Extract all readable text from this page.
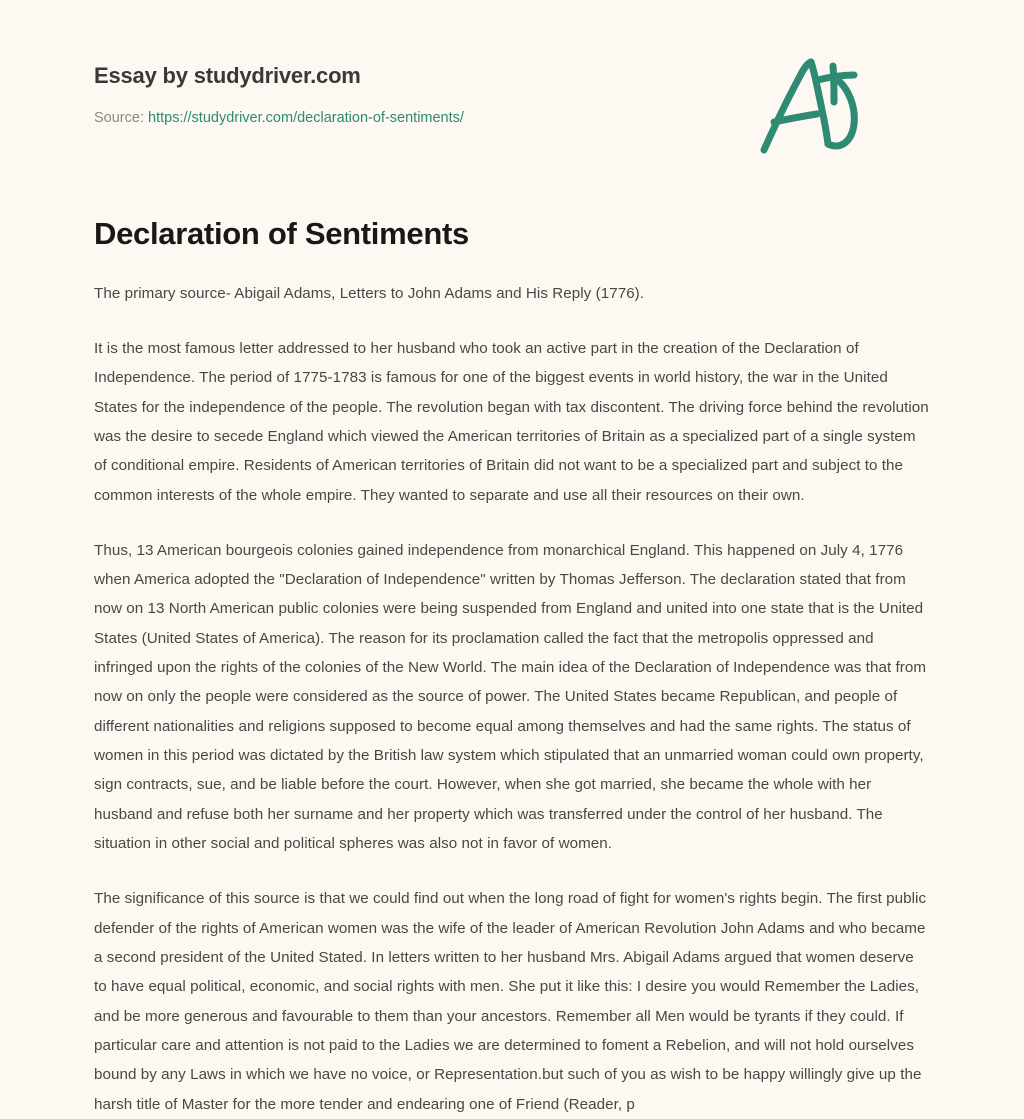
Essay by studydriver.com
Source: https://studydriver.com/declaration-of-sentiments/
Declaration of Sentiments

The primary source- Abigail Adams, Letters to John Adams and His Reply (1776).

It is the most famous letter addressed to her husband who took an active part in the creation of the Declaration of Independence. The period of 1775-1783 is famous for one of the biggest events in world history, the war in the United States for the independence of the people. The revolution began with tax discontent. The driving force behind the revolution was the desire to secede England which viewed the American territories of Britain as a specialized part of a single system of conditional empire. Residents of American territories of Britain did not want to be a specialized part and subject to the common interests of the whole empire. They wanted to separate and use all their resources on their own.

Thus, 13 American bourgeois colonies gained independence from monarchical England. This happened on July 4, 1776 when America adopted the "Declaration of Independence" written by Thomas Jefferson. The declaration stated that from now on 13 North American public colonies were being suspended from England and united into one state that is the United States (United States of America). The reason for its proclamation called the fact that the metropolis oppressed and infringed upon the rights of the colonies of the New World. The main idea of the Declaration of Independence was that from now on only the people were considered as the source of power. The United States became Republican, and people of different nationalities and religions supposed to become equal among themselves and had the same rights. The status of women in this period was dictated by the British law system which stipulated that an unmarried woman could own property, sign contracts, sue, and be liable before the court. However, when she got married, she became the whole with her husband and refuse both her surname and her property which was transferred under the control of her husband. The situation in other social and political spheres was also not in favor of women.

The significance of this source is that we could find out when the long road of fight for women's rights begin. The first public defender of the rights of American women was the wife of the leader of American Revolution John Adams and who became a second president of the United Stated. In letters written to her husband Mrs. Abigail Adams argued that women deserve to have equal political, economic, and social rights with men. She put it like this: I desire you would Remember the Ladies, and be more generous and favourable to them than your ancestors. Remember all Men would be tyrants if they could. If particular care and attention is not paid to the Ladies we are determined to foment a Rebelion, and will not hold ourselves bound by any Laws in which we have no voice, or Representation.but such of you as wish to be happy willingly give up the harsh title of Master for the more tender and endearing one of Friend (Reader, p
